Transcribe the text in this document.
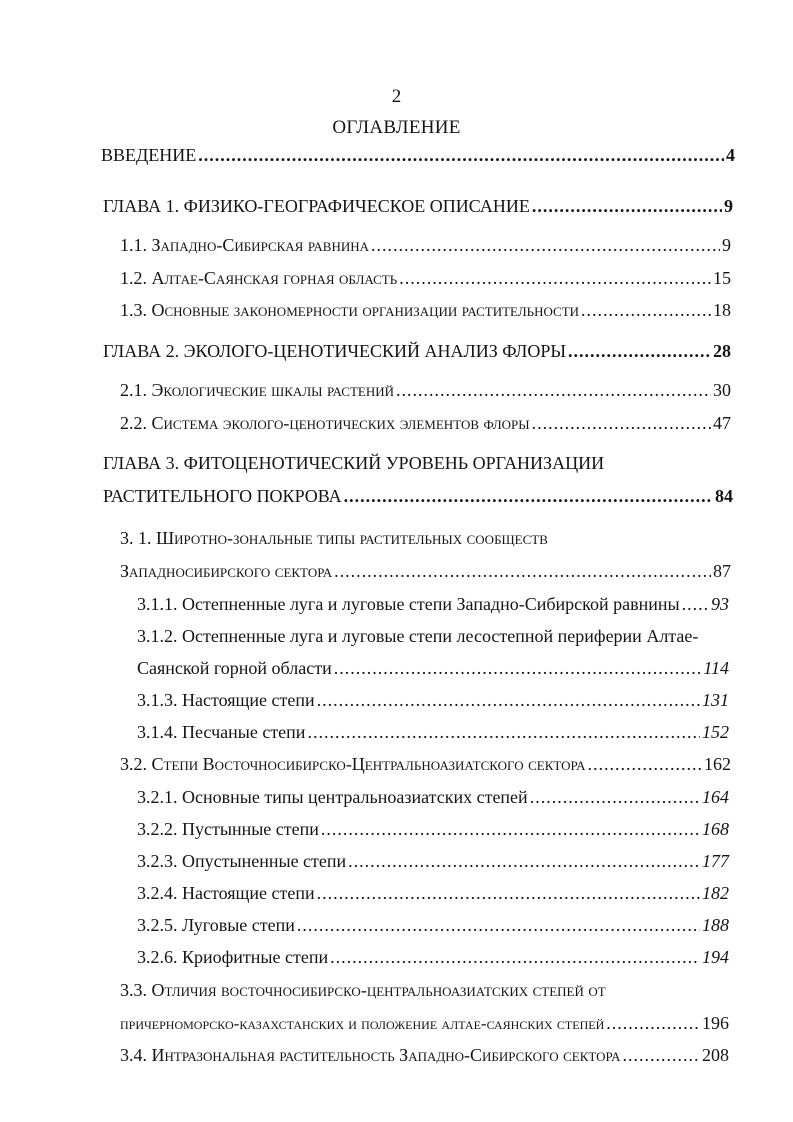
2
ОГЛАВЛЕНИЕ
ВВЕДЕНИЕ .....	4
ГЛАВА 1. ФИЗИКО-ГЕОГРАФИЧЕСКОЕ ОПИСАНИЕ .....	9
1.1. Западно-Сибирская равнина .....	9
1.2. Алтае-Саянская горная область .....	15
1.3. Основные закономерности организации растительности .....	18
ГЛАВА 2. ЭКОЛОГО-ЦЕНОТИЧЕСКИЙ АНАЛИЗ ФЛОРЫ .....	28
2.1. Экологические шкалы растений .....	30
2.2. Система эколого-ценотических элементов флоры .....	47
ГЛАВА 3. ФИТОЦЕНОТИЧЕСКИЙ УРОВЕНЬ ОРГАНИЗАЦИИ
РАСТИТЕЛЬНОГО ПОКРОВА .....	84
3. 1. Широтно-зональные типы растительных сообществ
Западносибирского сектора .....	87
3.1.1. Остепненные луга и луговые степи Западно-Сибирской равнины ..... 93
3.1.2. Остепненные луга и луговые степи лесостепной периферии Алтае-
Саянской горной области .....	114
3.1.3. Настоящие степи .....	131
3.1.4. Песчаные степи .....	152
3.2. Степи Восточносибирско-Центральноазиатского сектора .....	162
3.2.1. Основные типы центральноазиатских степей .....	164
3.2.2. Пустынные степи .....	168
3.2.3. Опустыненные степи .....	177
3.2.4. Настоящие степи .....	182
3.2.5. Луговые степи .....	188
3.2.6. Криофитные степи .....	194
3.3. Отличия восточносибирско-центральноазиатских степей от
причерноморско-казахстанских и положение алтае-саянских степей .....	196
3.4. Интразональная растительность Западно-Сибирского сектора .....	208
